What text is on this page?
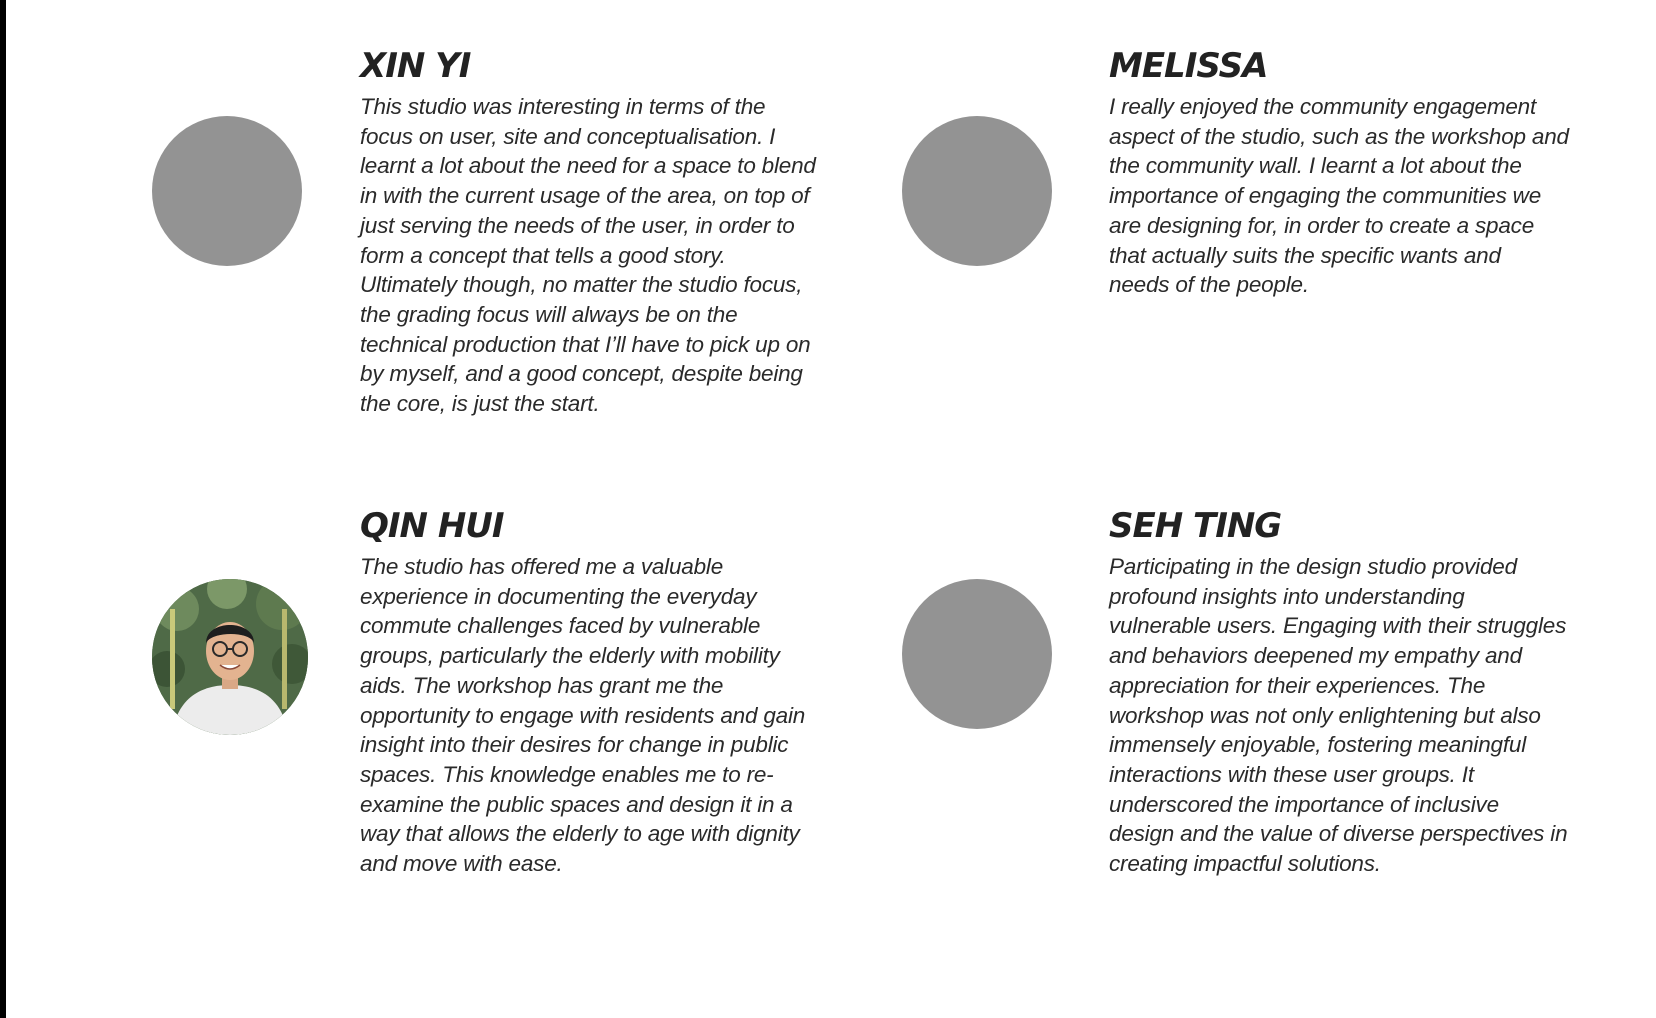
XIN YI

This studio was interesting in terms of the
focus on user, site and conceptualisation. I
learnt a lot about the need for a space to blend
in with the current usage of the area, on top of
just serving the needs of the user, in order to
form a concept that tells a good story.
Ultimately though, no matter the studio focus,
the grading focus will always be on the
technical production that I’ll have to pick up on
by myself, and a good concept, despite being
the core, is just the start.

MELISSA

I really enjoyed the community engagement
aspect of the studio, such as the workshop and
the community wall. I learnt a lot about the
importance of engaging the communities we
are designing for, in order to create a space
that actually suits the specific wants and
needs of the people.

QIN HUI

The studio has offered me a valuable
experience in documenting the everyday
commute challenges faced by vulnerable
groups, particularly the elderly with mobility
aids. The workshop has grant me the
opportunity to engage with residents and gain
insight into their desires for change in public
spaces. This knowledge enables me to re-
examine the public spaces and design it in a
way that allows the elderly to age with dignity
and move with ease.

SEH TING

Participating in the design studio provided
profound insights into understanding
vulnerable users. Engaging with their struggles
and behaviors deepened my empathy and
appreciation for their experiences. The
workshop was not only enlightening but also
immensely enjoyable, fostering meaningful
interactions with these user groups. It
underscored the importance of inclusive
design and the value of diverse perspectives in
creating impactful solutions.
